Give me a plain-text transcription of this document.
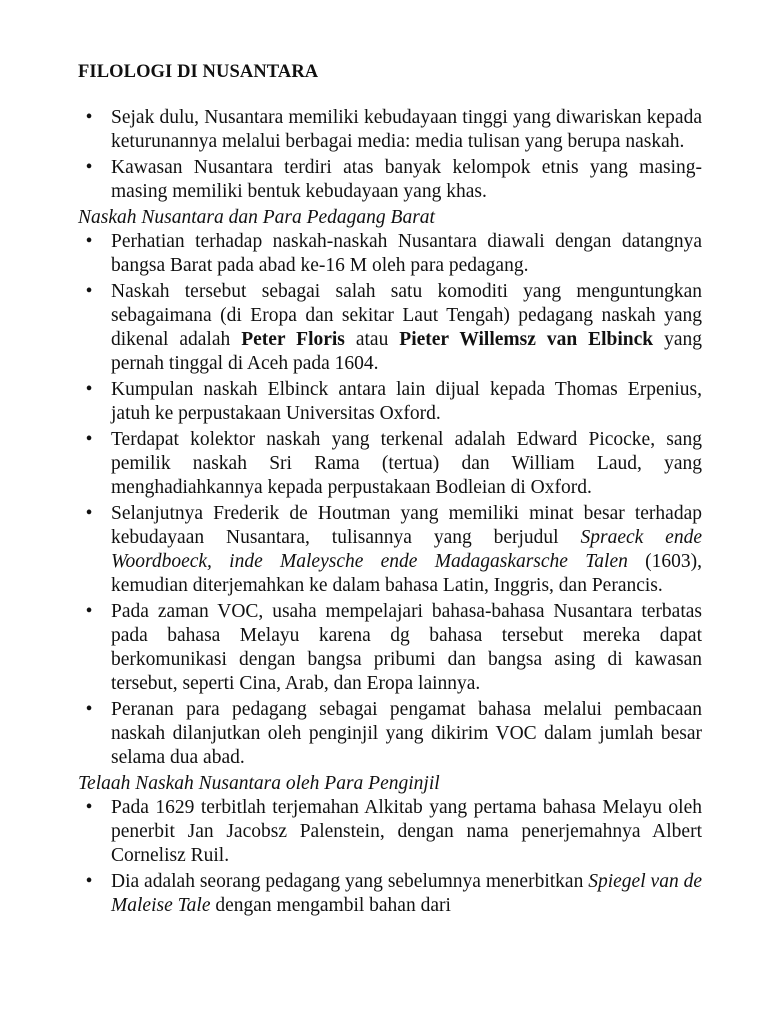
FILOLOGI DI NUSANTARA
• Sejak dulu, Nusantara memiliki kebudayaan tinggi yang diwariskan kepada keturunannya melalui berbagai media: media tulisan yang berupa naskah.
• Kawasan Nusantara terdiri atas banyak kelompok etnis yang masing-masing memiliki bentuk kebudayaan yang khas.
Naskah Nusantara dan Para Pedagang Barat
• Perhatian terhadap naskah-naskah Nusantara diawali dengan datangnya bangsa Barat pada abad ke-16 M oleh para pedagang.
• Naskah tersebut sebagai salah satu komoditi yang menguntungkan sebagaimana (di Eropa dan sekitar Laut Tengah) pedagang naskah yang dikenal adalah Peter Floris atau Pieter Willemsz van Elbinck yang pernah tinggal di Aceh pada 1604.
• Kumpulan naskah Elbinck antara lain dijual kepada Thomas Erpenius, jatuh ke perpustakaan Universitas Oxford.
• Terdapat kolektor naskah yang terkenal adalah Edward Picocke, sang pemilik naskah Sri Rama (tertua) dan William Laud, yang menghadiahkannya kepada perpustakaan Bodleian di Oxford.
• Selanjutnya Frederik de Houtman yang memiliki minat besar terhadap kebudayaan Nusantara, tulisannya yang berjudul Spraeck ende Woordboeck, inde Maleysche ende Madagaskarsche Talen (1603), kemudian diterjemahkan ke dalam bahasa Latin, Inggris, dan Perancis.
• Pada zaman VOC, usaha mempelajari bahasa-bahasa Nusantara terbatas pada bahasa Melayu karena dg bahasa tersebut mereka dapat berkomunikasi dengan bangsa pribumi dan bangsa asing di kawasan tersebut, seperti Cina, Arab, dan Eropa lainnya.
• Peranan para pedagang sebagai pengamat bahasa melalui pembacaan naskah dilanjutkan oleh penginjil yang dikirim VOC dalam jumlah besar selama dua abad.
Telaah Naskah Nusantara oleh Para Penginjil
• Pada 1629 terbitlah terjemahan Alkitab yang pertama bahasa Melayu oleh penerbit Jan Jacobsz Palenstein, dengan nama penerjemahnya Albert Cornelisz Ruil.
• Dia adalah seorang pedagang yang sebelumnya menerbitkan Spiegel van de Maleise Tale dengan mengambil bahan dari
